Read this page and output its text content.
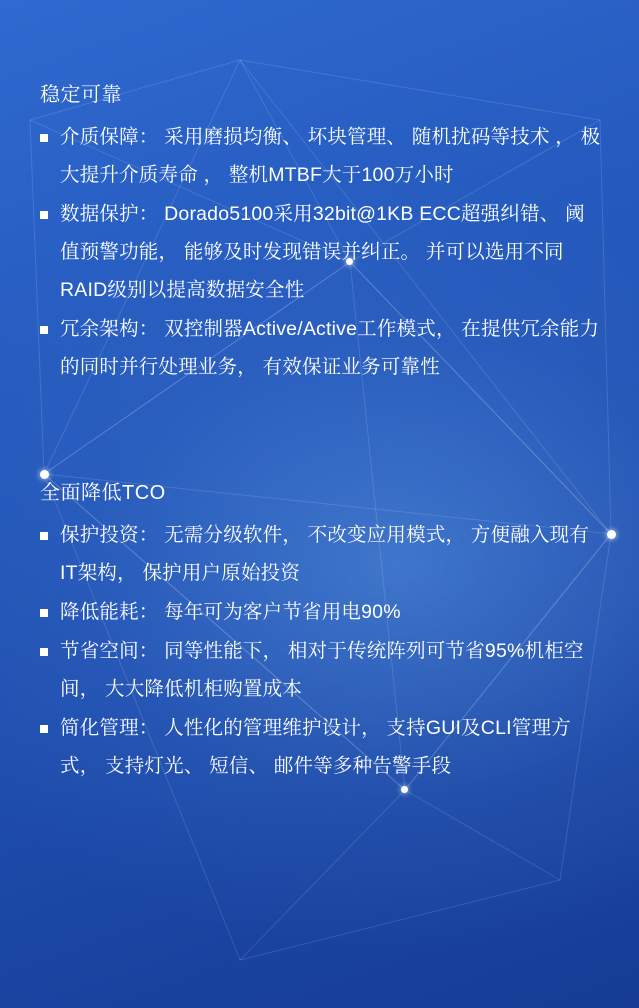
稳定可靠
介质保障： 采用磨损均衡、 坏块管理、 随机扰码等技术 ， 极大提升介质寿命 ， 整机MTBF大于100万小时
数据保护： Dorado5100采用32bit@1KB ECC超强纠错、 阈值预警功能， 能够及时发现错误并纠正。 并可以选用不同RAID级别以提高数据安全性
冗余架构： 双控制器Active/Active工作模式， 在提供冗余能力的同时并行处理业务， 有效保证业务可靠性
全面降低TCO
保护投资： 无需分级软件， 不改变应用模式， 方便融入现有IT架构， 保护用户原始投资
降低能耗： 每年可为客户节省用电90%
节省空间： 同等性能下， 相对于传统阵列可节省95%机柜空间， 大大降低机柜购置成本
简化管理： 人性化的管理维护设计， 支持GUI及CLI管理方式， 支持灯光、 短信、 邮件等多种告警手段
